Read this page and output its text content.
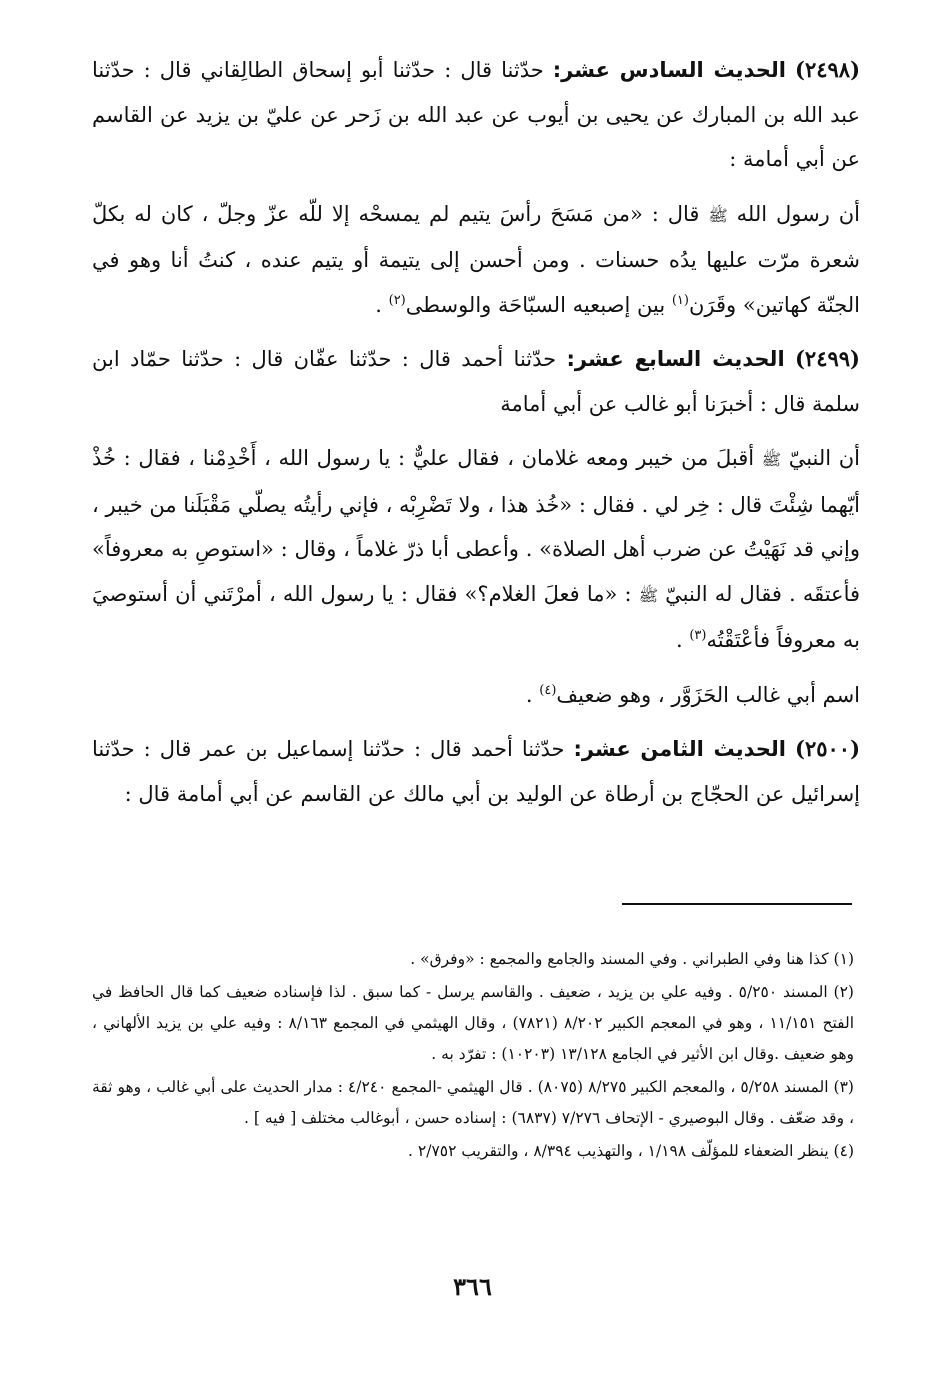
(٢٤٩٨) الحديث السادس عشر: حدّثنا قال : حدّثنا أبو إسحاق الطالِقاني قال : حدّثنا عبد الله بن المبارك عن يحيى بن أيوب عن عبد الله بن زَحر عن عليّ بن يزيد عن القاسم عن أبي أمامة :

أن رسول الله ﷺ قال : «من مَسَحَ رأسَ يتيم لم يمسحْه إلا للّه عزّ وجلّ ، كان له بكلّ شعرة مرّت عليها يدُه حسنات . ومن أحسن إلى يتيمة أو يتيم عنده ، كنتُ أنا وهو في الجنّة كهاتين» وقَرَن$^{(١)}$ بين إصبعيه السبّاحَة والوسطى$^{(٢)}$ .

(٢٤٩٩) الحديث السابع عشر: حدّثنا أحمد قال : حدّثنا عفّان قال : حدّثنا حمّاد ابن سلمة قال : أخبرَنا أبو غالب عن أبي أمامة

أن النبيّ ﷺ أقبلَ من خيبر ومعه غلامان ، فقال عليٌّ : يا رسول الله ، أَخْدِمْنا ، فقال : خُذْ أيّهما شِئْتَ قال : خِر لي . فقال : «خُذ هذا ، ولا تَضْرِبْه ، فإني رأيتُه يصلّي مَقْبَلَنا من خيبر ، وإني قد نَهَيْتُ عن ضرب أهل الصلاة» . وأعطى أبا ذرّ غلاماً ، وقال : «استوصِ به معروفاً» فأعتقَه . فقال له النبيّ ﷺ : «ما فعلَ الغلام؟» فقال : يا رسول الله ، أمرْتَني أن أستوصيَ به معروفاً فأعْتَقْتُه$^{(٣)}$ .

اسم أبي غالب الحَزَوَّر ، وهو ضعيف$^{(٤)}$ .

(٢٥٠٠) الحديث الثامن عشر: حدّثنا أحمد قال : حدّثنا إسماعيل بن عمر قال : حدّثنا إسرائيل عن الحجّاج بن أرطاة عن الوليد بن أبي مالك عن القاسم عن أبي أمامة قال :

(١) كذا هنا وفي الطبراني . وفي المسند والجامع والمجمع : «وفرق» .

(٢) المسند ٥/٢٥٠ . وفيه علي بن يزيد ، ضعيف . والقاسم يرسل - كما سبق . لذا فإسناده ضعيف كما قال الحافظ في الفتح ١١/١٥١ ، وهو في المعجم الكبير ٨/٢٠٢ (٧٨٢١) ، وقال الهيثمي في المجمع ٨/١٦٣ : وفيه علي بن يزيد الألهاني ، وهو ضعيف .وقال ابن الأثير في الجامع ١٣/١٢٨ (١٠٢٠٣) : تفرّد به .

(٣) المسند ٥/٢٥٨ ، والمعجم الكبير ٨/٢٧٥ (٨٠٧٥) . قال الهيثمي -المجمع ٤/٢٤٠ : مدار الحديث على أبي غالب ، وهو ثقة ، وقد ضعّف . وقال البوصيري - الإتحاف ٧/٢٧٦ (٦٨٣٧) : إسناده حسن ، أبوغالب مختلف [ فيه ] .

(٤) ينظر الضعفاء للمؤلّف ١/١٩٨ ، والتهذيب ٨/٣٩٤ ، والتقريب ٢/٧٥٢ .

٣٦٦
